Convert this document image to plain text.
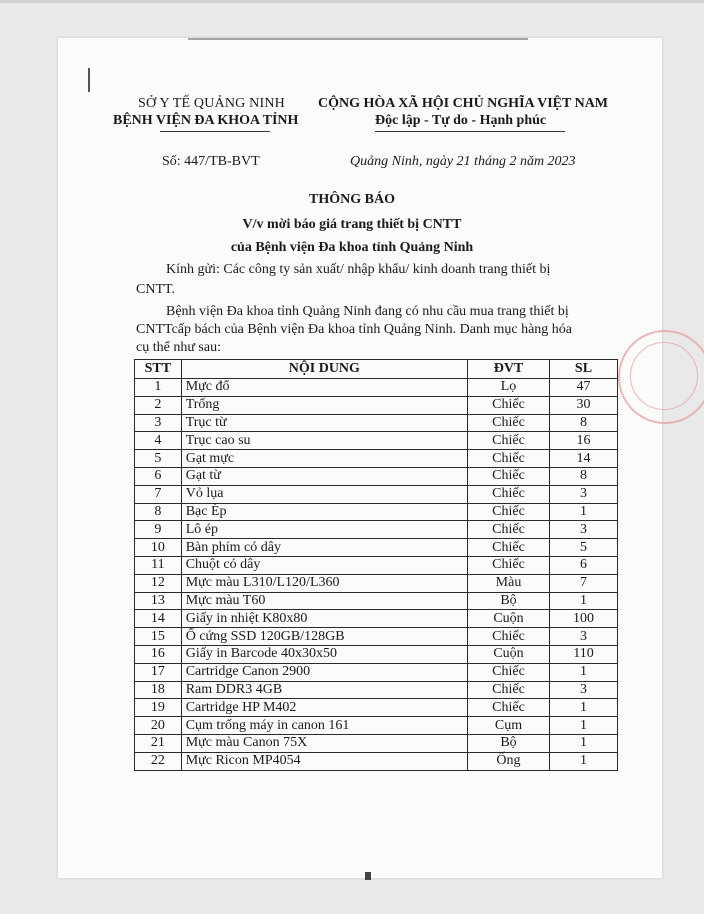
SỞ Y TẾ QUẢNG NINH
BỆNH VIỆN ĐA KHOA TỈNH
CỘNG HÒA XÃ HỘI CHỦ NGHĨA VIỆT NAM
Độc lập - Tự do - Hạnh phúc
Số: 447/TB-BVT	Quảng Ninh, ngày 21 tháng 2 năm 2023
THÔNG BÁO
V/v mời báo giá trang thiết bị CNTT
của Bệnh viện Đa khoa tỉnh Quảng Ninh
Kính gửi: Các công ty sản xuất/ nhập khẩu/ kinh doanh trang thiết bị
CNTT.
Bệnh viện Đa khoa tỉnh Quảng Ninh đang có nhu cầu mua trang thiết bị
CNTTcấp bách của Bệnh viện Đa khoa tỉnh Quảng Ninh. Danh mục hàng hóa
cụ thể như sau:
STT	NỘI DUNG	ĐVT	SL
1	Mực đổ	Lọ	47
2	Trống	Chiếc	30
3	Trục từ	Chiếc	8
4	Trục cao su	Chiếc	16
5	Gạt mực	Chiếc	14
6	Gạt từ	Chiếc	8
7	Vỏ lụa	Chiếc	3
8	Bạc Ép	Chiếc	1
9	Lô ép	Chiếc	3
10	Bàn phím có dây	Chiếc	5
11	Chuột có dây	Chiếc	6
12	Mực màu L310/L120/L360	Màu	7
13	Mực màu T60	Bộ	1
14	Giấy in nhiệt K80x80	Cuộn	100
15	Ổ cứng SSD 120GB/128GB	Chiếc	3
16	Giấy in Barcode 40x30x50	Cuộn	110
17	Cartridge Canon 2900	Chiếc	1
18	Ram DDR3 4GB	Chiếc	3
19	Cartridge HP M402	Chiếc	1
20	Cụm trống máy in canon 161	Cụm	1
21	Mực màu Canon 75X	Bộ	1
22	Mực Ricon MP4054	Ống	1
